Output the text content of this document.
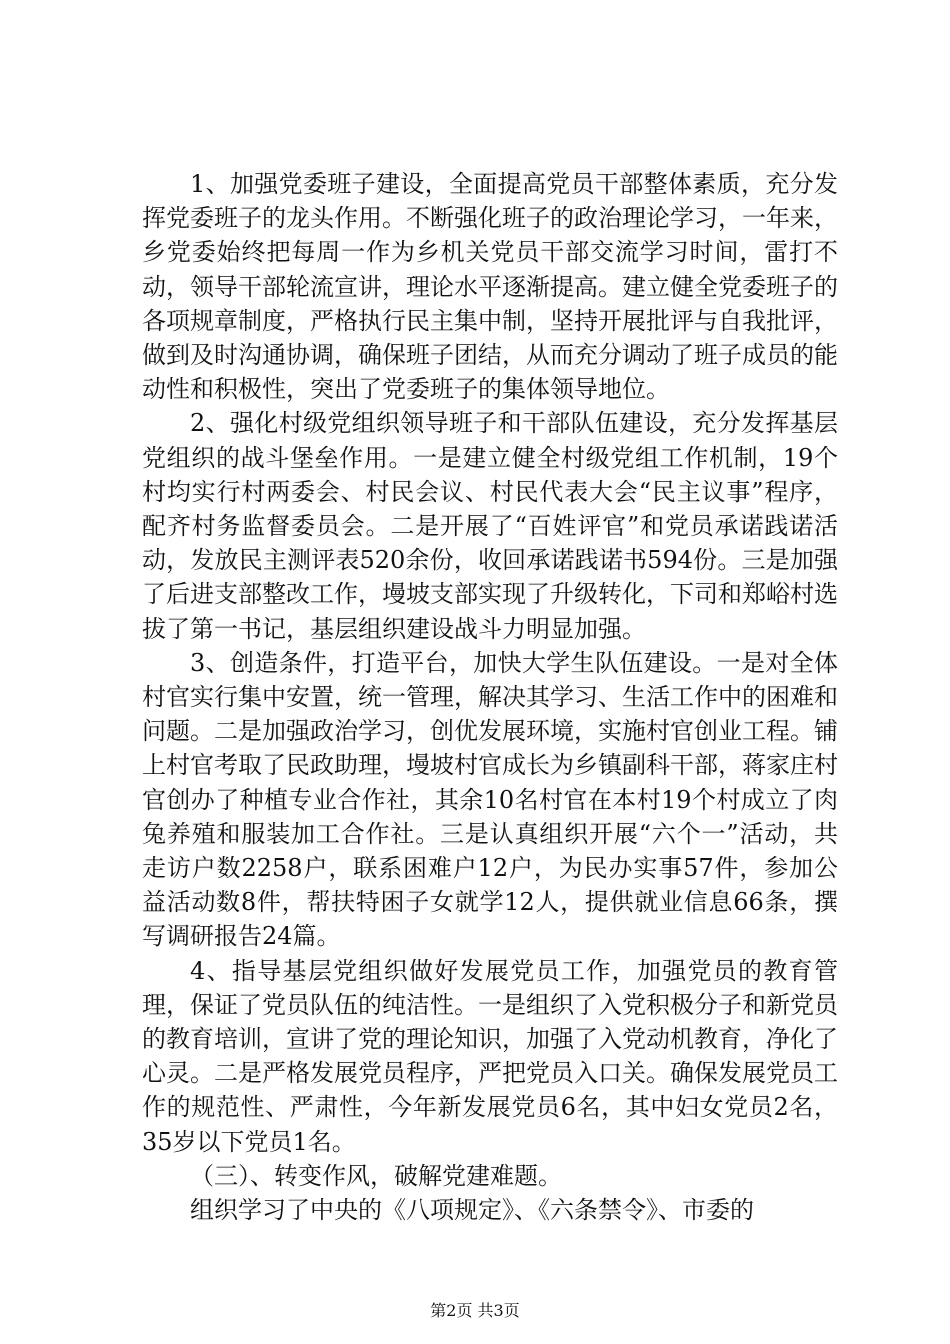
1、加强党委班子建设，全面提高党员干部整体素质，充分发挥党委班子的龙头作用。不断强化班子的政治理论学习，一年来，乡党委始终把每周一作为乡机关党员干部交流学习时间，雷打不动，领导干部轮流宣讲，理论水平逐渐提高。建立健全党委班子的各项规章制度，严格执行民主集中制，坚持开展批评与自我批评，做到及时沟通协调，确保班子团结，从而充分调动了班子成员的能动性和积极性，突出了党委班子的集体领导地位。

2、强化村级党组织领导班子和干部队伍建设，充分发挥基层党组织的战斗堡垒作用。一是建立健全村级党组工作机制，19个村均实行村两委会、村民会议、村民代表大会“民主议事”程序，配齐村务监督委员会。二是开展了“百姓评官”和党员承诺践诺活动，发放民主测评表520余份，收回承诺践诺书594份。三是加强了后进支部整改工作，墁坡支部实现了升级转化，下司和郑峪村选拔了第一书记，基层组织建设战斗力明显加强。

3、创造条件，打造平台，加快大学生队伍建设。一是对全体村官实行集中安置，统一管理，解决其学习、生活工作中的困难和问题。二是加强政治学习，创优发展环境，实施村官创业工程。铺上村官考取了民政助理，墁坡村官成长为乡镇副科干部，蒋家庄村官创办了种植专业合作社，其余10名村官在本村19个村成立了肉兔养殖和服装加工合作社。三是认真组织开展“六个一”活动，共走访户数2258户，联系困难户12户，为民办实事57件，参加公益活动数8件，帮扶特困子女就学12人，提供就业信息66条，撰写调研报告24篇。

4、指导基层党组织做好发展党员工作，加强党员的教育管理，保证了党员队伍的纯洁性。一是组织了入党积极分子和新党员的教育培训，宣讲了党的理论知识，加强了入党动机教育，净化了心灵。二是严格发展党员程序，严把党员入口关。确保发展党员工作的规范性、严肃性，今年新发展党员6名，其中妇女党员2名，35岁以下党员1名。

（三）、转变作风，破解党建难题。

组织学习了中央的《八项规定》、《六条禁令》、市委的

第2页 共3页
